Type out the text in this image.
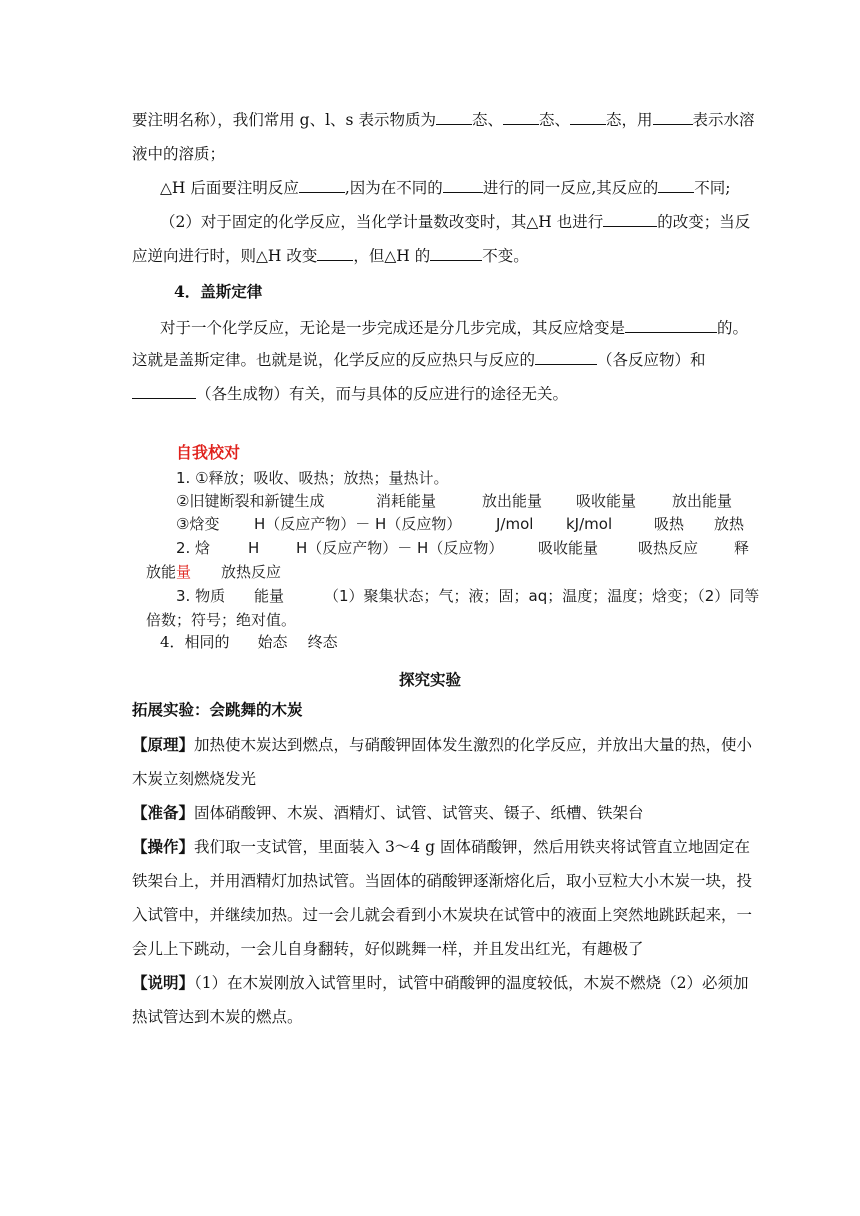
要注明名称），我们常用 g、l、s 表示物质为 态、 态、 态，用	表示水溶
液中的溶质；
△H 后面要注明反应	,因为在不同的	进行的同一反应,其反应的 不同;
（2）对于固定的化学反应，当化学计量数改变时，其△H 也进行	的改变；当反
应逆向进行时，则△H 改变 ，但△H 的	不变。
4．盖斯定律
对于一个化学反应，无论是一步完成还是分几步完成，其反应焓变是	的。
这就是盖斯定律。也就是说，化学反应的反应热只与反应的	（各反应物）和
（各生成物）有关，而与具体的反应进行的途径无关。
自我校对
1. ①释放；吸收、吸热；放热；量热计。
②旧键断裂和新键生成	消耗能量	放出能量 吸收能量 放出能量
③焓变 H（反应产物）－ H（反应物） J/mol kJ/mol	吸热 放热
2. 焓	H H（反应产物）－ H（反应物） 吸收能量	吸热反应 释
放能量 放热反应
3. 物质 能量	（1）聚集状态；气；液；固；aq；温度；温度；焓变；（2）同等
倍数；符号；绝对值。
4．相同的 始态 终态
探究实验
拓展实验：会跳舞的木炭
【原理】加热使木炭达到燃点，与硝酸钾固体发生激烈的化学反应，并放出大量的热，使小
木炭立刻燃烧发光
【准备】固体硝酸钾、木炭、酒精灯、试管、试管夹、镊子、纸槽、铁架台
【操作】我们取一支试管，里面装入 3～4 g 固体硝酸钾，然后用铁夹将试管直立地固定在
铁架台上，并用酒精灯加热试管。当固体的硝酸钾逐渐熔化后，取小豆粒大小木炭一块，投
入试管中，并继续加热。过一会儿就会看到小木炭块在试管中的液面上突然地跳跃起来，一
会儿上下跳动，一会儿自身翻转，好似跳舞一样，并且发出红光，有趣极了
【说明】（1）在木炭刚放入试管里时，试管中硝酸钾的温度较低，木炭不燃烧（2）必须加
热试管达到木炭的燃点。
